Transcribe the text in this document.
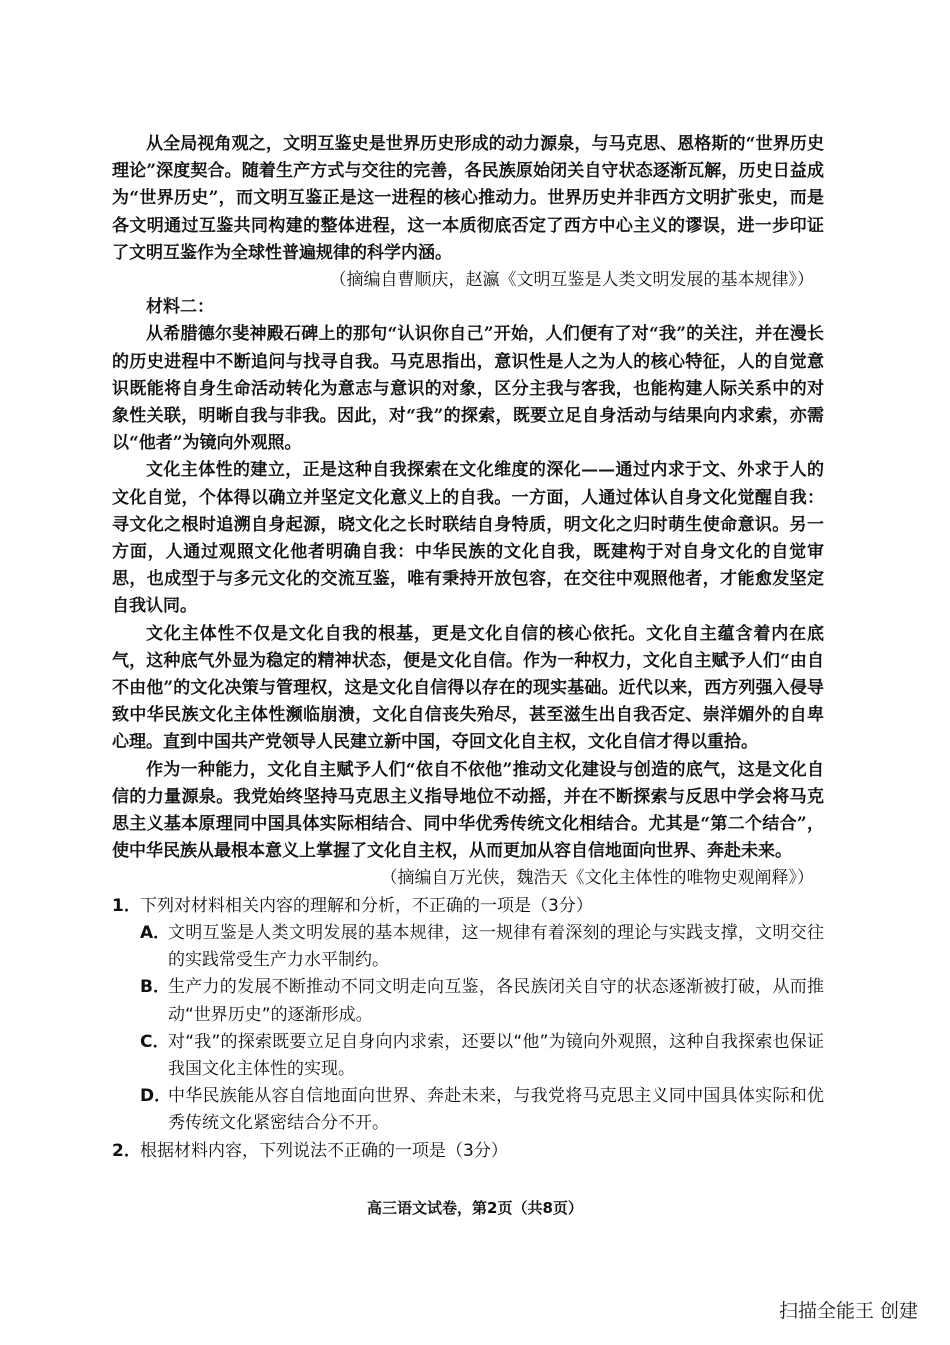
从全局视角观之，文明互鉴史是世界历史形成的动力源泉，与马克思、恩格斯的“世界历史理论”深度契合。随着生产方式与交往的完善，各民族原始闭关自守状态逐渐瓦解，历史日益成为“世界历史”，而文明互鉴正是这一进程的核心推动力。世界历史并非西方文明扩张史，而是各文明通过互鉴共同构建的整体进程，这一本质彻底否定了西方中心主义的谬误，进一步印证了文明互鉴作为全球性普遍规律的科学内涵。

（摘编自曹顺庆，赵瀛《文明互鉴是人类文明发展的基本规律》）

材料二：

从希腊德尔斐神殿石碑上的那句“认识你自己”开始，人们便有了对“我”的关注，并在漫长的历史进程中不断追问与找寻自我。马克思指出，意识性是人之为人的核心特征，人的自觉意识既能将自身生命活动转化为意志与意识的对象，区分主我与客我，也能构建人际关系中的对象性关联，明晰自我与非我。因此，对“我”的探索，既要立足自身活动与结果向内求索，亦需以“他者”为镜向外观照。

文化主体性的建立，正是这种自我探索在文化维度的深化——通过内求于文、外求于人的文化自觉，个体得以确立并坚定文化意义上的自我。一方面，人通过体认自身文化觉醒自我：寻文化之根时追溯自身起源，晓文化之长时联结自身特质，明文化之归时萌生使命意识。另一方面，人通过观照文化他者明确自我：中华民族的文化自我，既建构于对自身文化的自觉审思，也成型于与多元文化的交流互鉴，唯有秉持开放包容，在交往中观照他者，才能愈发坚定自我认同。

文化主体性不仅是文化自我的根基，更是文化自信的核心依托。文化自主蕴含着内在底气，这种底气外显为稳定的精神状态，便是文化自信。作为一种权力，文化自主赋予人们“由自不由他”的文化决策与管理权，这是文化自信得以存在的现实基础。近代以来，西方列强入侵导致中华民族文化主体性濒临崩溃，文化自信丧失殆尽，甚至滋生出自我否定、崇洋媚外的自卑心理。直到中国共产党领导人民建立新中国，夺回文化自主权，文化自信才得以重拾。

作为一种能力，文化自主赋予人们“依自不依他”推动文化建设与创造的底气，这是文化自信的力量源泉。我党始终坚持马克思主义指导地位不动摇，并在不断探索与反思中学会将马克思主义基本原理同中国具体实际相结合、同中华优秀传统文化相结合。尤其是“第二个结合”，使中华民族从最根本意义上掌握了文化自主权，从而更加从容自信地面向世界、奔赴未来。

（摘编自万光侠，魏浩天《文化主体性的唯物史观阐释》）

1． 下列对材料相关内容的理解和分析，不正确的一项是（3分）
A．
文明互鉴是人类文明发展的基本规律，这一规律有着深刻的理论与实践支撑，文明交往的实践常受生产力水平制约。
B．
生产力的发展不断推动不同文明走向互鉴，各民族闭关自守的状态逐渐被打破，从而推动“世界历史”的逐渐形成。
C．
对“我”的探索既要立足自身向内求索，还要以“他”为镜向外观照，这种自我探索也保证我国文化主体性的实现。
D．
中华民族能从容自信地面向世界、奔赴未来，与我党将马克思主义同中国具体实际和优秀传统文化紧密结合分不开。
2． 根据材料内容，下列说法不正确的一项是（3分）
高三语文试卷，第2页（共8页）
扫描全能王 创建
